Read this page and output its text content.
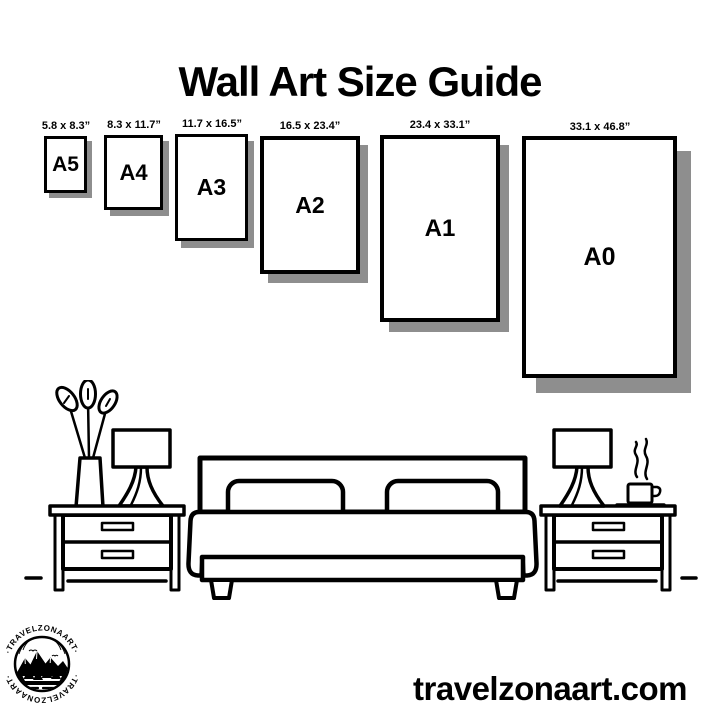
Wall Art Size Guide
5.8 x 8.3” 8.3 x 11.7” 11.7 x 16.5”	16.5 x 23.4”	23.4 x 33.1”	33.1 x 46.8”
A5 A4
A3
A2
A1
A0
·TRAVELZONAART·
·TRAVELZONAART·	travelzonaart.com
